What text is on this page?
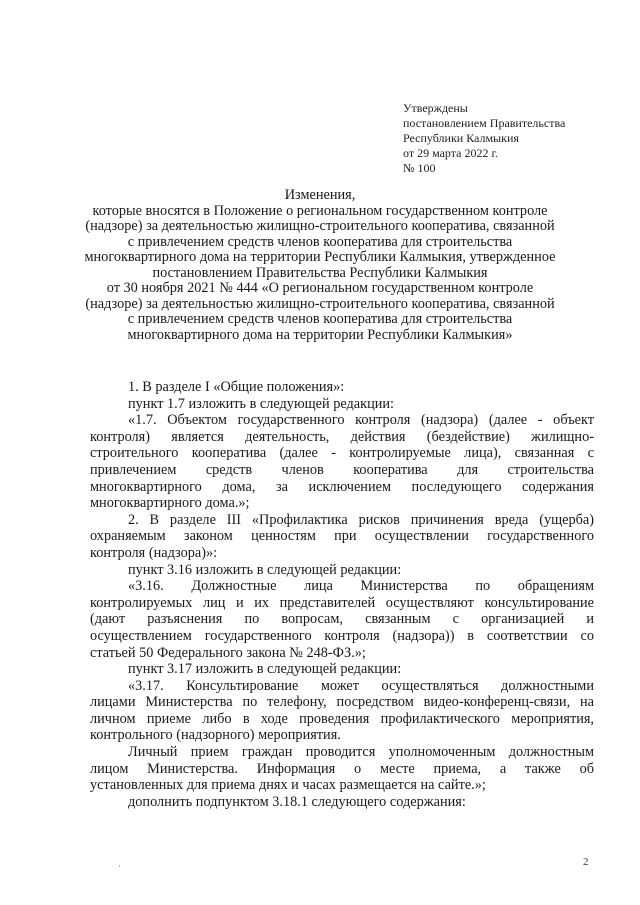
Утверждены
постановлением Правительства
Республики Калмыкия
от 29 марта 2022 г.
№ 100
Изменения,
которые вносятся в Положение о региональном государственном контроле
(надзоре) за деятельностью жилищно-строительного кооператива, связанной
с привлечением средств членов кооператива для строительства
многоквартирного дома на территории Республики Калмыкия, утвержденное
постановлением Правительства Республики Калмыкия
от 30 ноября 2021 № 444 «О региональном государственном контроле
(надзоре) за деятельностью жилищно-строительного кооператива, связанной
с привлечением средств членов кооператива для строительства
многоквартирного дома на территории Республики Калмыкия»

1. В разделе I «Общие положения»:

пункт 1.7 изложить в следующей редакции:

«1.7. Объектом государственного контроля (надзора) (далее - объект

контроля) является деятельность, действия (бездействие) жилищно-

строительного кооператива (далее - контролируемые лица), связанная с

привлечением средств членов кооператива для строительства

многоквартирного дома, за исключением последующего содержания

многоквартирного дома.»;

2. В разделе III «Профилактика рисков причинения вреда (ущерба)

охраняемым законом ценностям при осуществлении государственного

контроля (надзора)»:

пункт 3.16 изложить в следующей редакции:

«3.16. Должностные лица Министерства по обращениям

контролируемых лиц и их представителей осуществляют консультирование

(дают разъяснения по вопросам, связанным с организацией и

осуществлением государственного контроля (надзора)) в соответствии со

статьей 50 Федерального закона № 248-ФЗ.»;

пункт 3.17 изложить в следующей редакции:

«3.17. Консультирование может осуществляться должностными

лицами Министерства по телефону, посредством видео-конференц-связи, на

личном приеме либо в ходе проведения профилактического мероприятия,

контрольного (надзорного) мероприятия.

Личный прием граждан проводится уполномоченным должностным

лицом Министерства. Информация о месте приема, а также об

установленных для приема днях и часах размещается на сайте.»;

дополнить подпунктом 3.18.1 следующего содержания:

·	2
